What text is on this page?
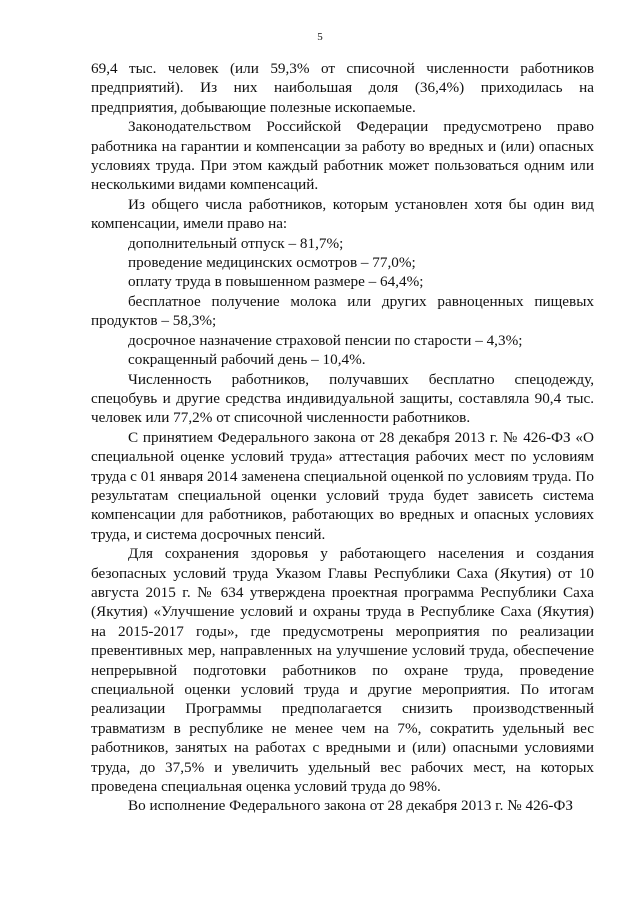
5

69,4 тыс. человек (или 59,3% от списочной численности работников предприятий). Из них наибольшая доля (36,4%) приходилась на предприятия, добывающие полезные ископаемые.

Законодательством Российской Федерации предусмотрено право работника на гарантии и компенсации за работу во вредных и (или) опасных условиях труда. При этом каждый работник может пользоваться одним или несколькими видами компенсаций.

Из общего числа работников, которым установлен хотя бы один вид компенсации, имели право на:

дополнительный отпуск – 81,7%;

проведение медицинских осмотров – 77,0%;

оплату труда в повышенном размере – 64,4%;

бесплатное получение молока или других равноценных пищевых продуктов – 58,3%;

досрочное назначение страховой пенсии по старости – 4,3%;

сокращенный рабочий день – 10,4%.

Численность работников, получавших бесплатно спецодежду, спецобувь и другие средства индивидуальной защиты, составляла 90,4 тыс. человек или 77,2% от списочной численности работников.

С принятием Федерального закона от 28 декабря 2013 г. № 426-ФЗ «О специальной оценке условий труда» аттестация рабочих мест по условиям труда с 01 января 2014 заменена специальной оценкой по условиям труда. По результатам специальной оценки условий труда будет зависеть система компенсации для работников, работающих во вредных и опасных условиях труда, и система досрочных пенсий.

Для сохранения здоровья у работающего населения и создания безопасных условий труда Указом Главы Республики Саха (Якутия) от 10 августа 2015 г. № 634 утверждена проектная программа Республики Саха (Якутия) «Улучшение условий и охраны труда в Республике Саха (Якутия) на 2015-2017 годы», где предусмотрены мероприятия по реализации превентивных мер, направленных на улучшение условий труда, обеспечение непрерывной подготовки работников по охране труда, проведение специальной оценки условий труда и другие мероприятия. По итогам реализации Программы предполагается снизить производственный травматизм в республике не менее чем на 7%, сократить удельный вес работников, занятых на работах с вредными и (или) опасными условиями труда, до 37,5% и увеличить удельный вес рабочих мест, на которых проведена специальная оценка условий труда до 98%.

Во исполнение Федерального закона от 28 декабря 2013 г. № 426-ФЗ
